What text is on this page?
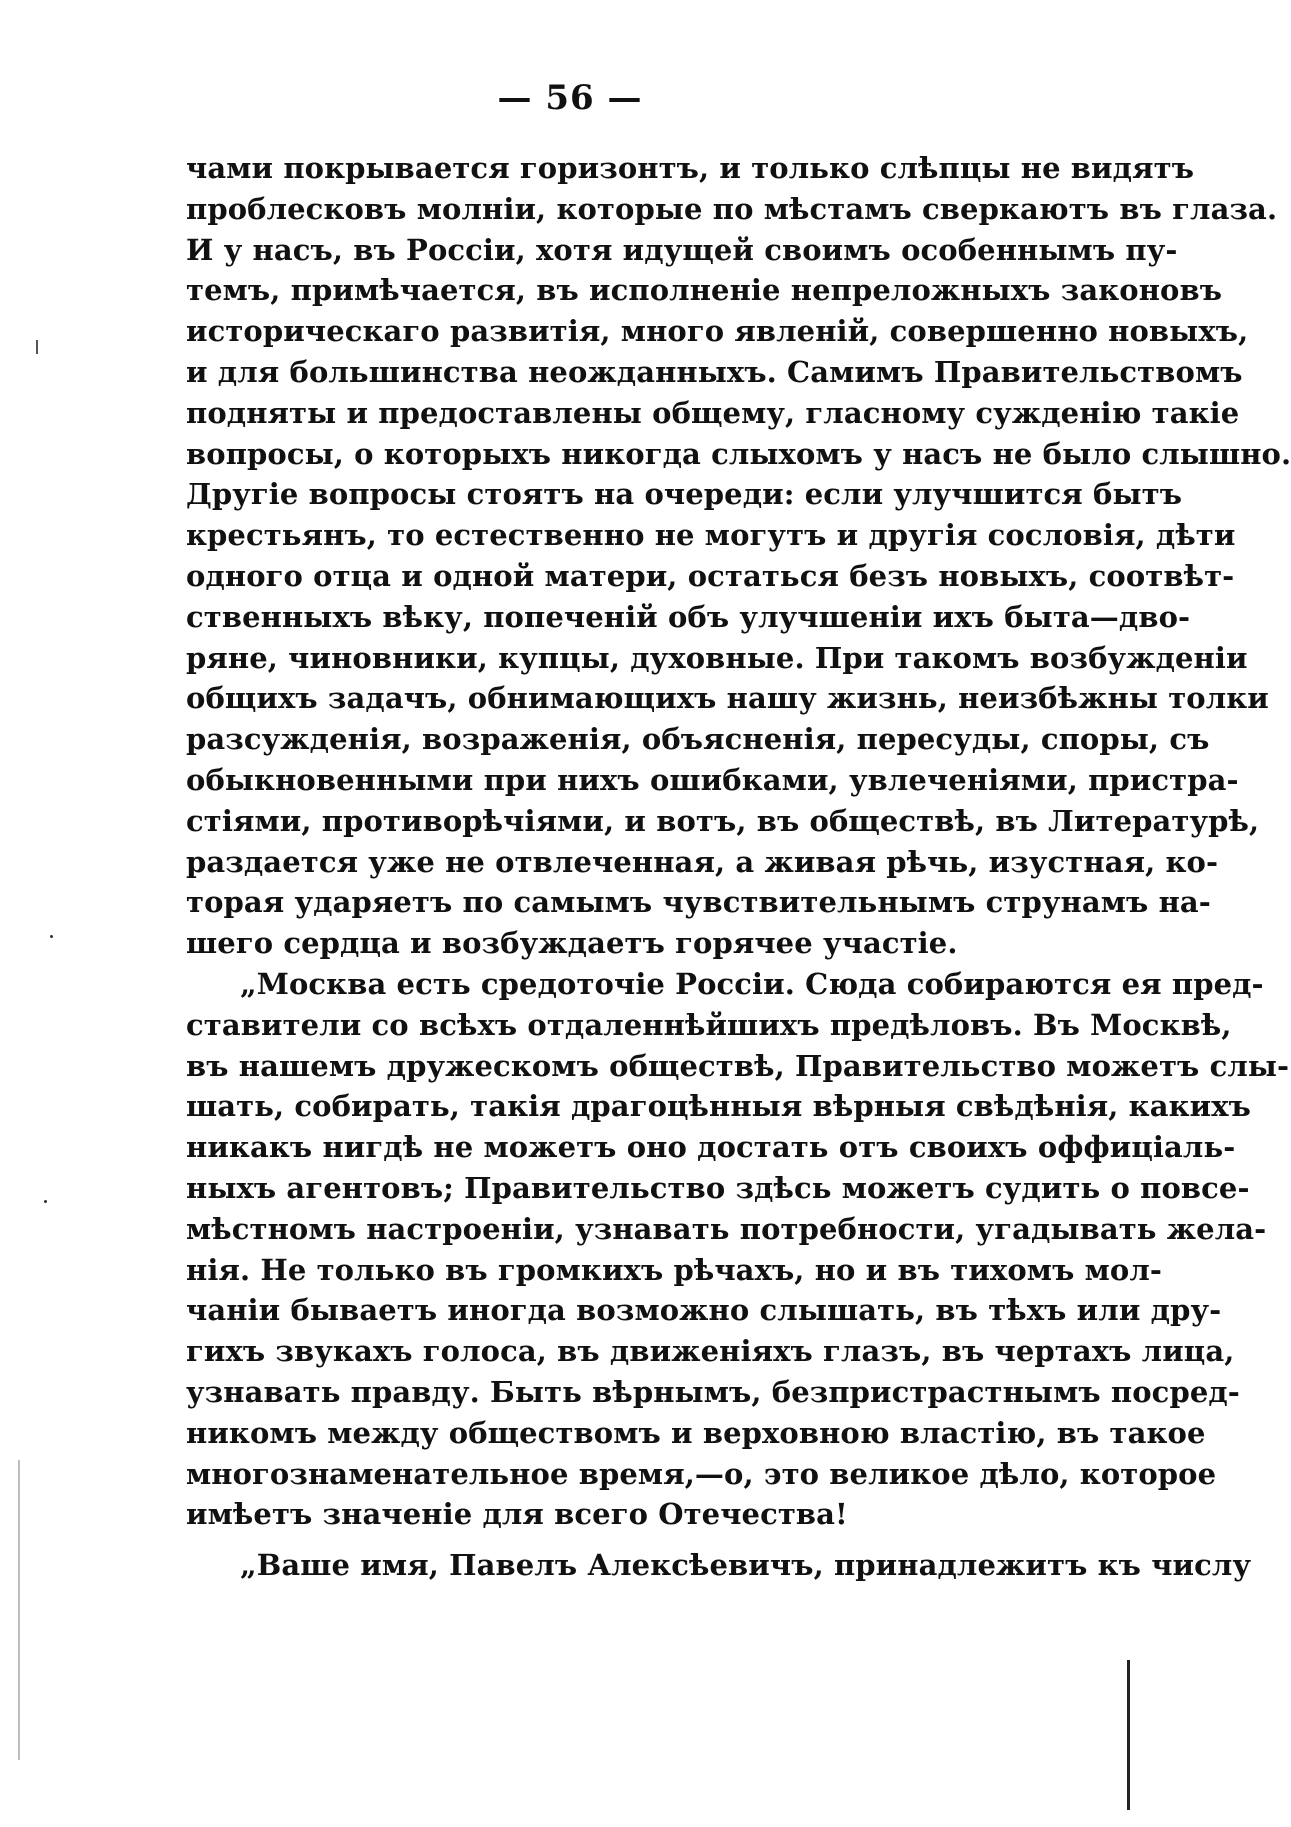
— 56 —
чами покрывается горизонтъ, и только слѣпцы не видятъ
проблесковъ молніи, которые по мѣстамъ сверкаютъ въ глаза.
И у насъ, въ Россіи, хотя идущей своимъ особеннымъ пу-
темъ, примѣчается, въ исполненіе непреложныхъ законовъ
историческаго развитія, много явленій, совершенно новыхъ,
и для большинства неожданныхъ. Самимъ Правительствомъ
подняты и предоставлены общему, гласному сужденію такіе
вопросы, о которыхъ никогда слыхомъ у насъ не было слышно.
Другіе вопросы стоятъ на очереди: если улучшится бытъ
крестьянъ, то естественно не могутъ и другія сословія, дѣти
одного отца и одной матери, остаться безъ новыхъ, соотвѣт-
ственныхъ вѣку, попеченій объ улучшеніи ихъ быта—дво-
ряне, чиновники, купцы, духовные. При такомъ возбужденіи
общихъ задачъ, обнимающихъ нашу жизнь, неизбѣжны толки
разсужденія, возраженія, объясненія, пересуды, споры, съ
обыкновенными при нихъ ошибками, увлеченіями, пристра-
стіями, противорѣчіями, и вотъ, въ обществѣ, въ Литературѣ,
раздается уже не отвлеченная, а живая рѣчь, изустная, ко-
торая ударяетъ по самымъ чувствительнымъ струнамъ на-
шего сердца и возбуждаетъ горячее участіе.
„Москва есть средоточіе Россіи. Сюда собираются ея пред-
ставители со всѣхъ отдаленнѣйшихъ предѣловъ. Въ Москвѣ,
въ нашемъ дружескомъ обществѣ, Правительство можетъ слы-
шать, собирать, такія драгоцѣнныя вѣрныя свѣдѣнія, какихъ
никакъ нигдѣ не можетъ оно достать отъ своихъ оффиціаль-
ныхъ агентовъ; Правительство здѣсь можетъ судить о повсе-
мѣстномъ настроеніи, узнавать потребности, угадывать жела-
нія. Не только въ громкихъ рѣчахъ, но и въ тихомъ мол-
чаніи бываетъ иногда возможно слышать, въ тѣхъ или дру-
гихъ звукахъ голоса, въ движеніяхъ глазъ, въ чертахъ лица,
узнавать правду. Быть вѣрнымъ, безпристрастнымъ посред-
никомъ между обществомъ и верховною властію, въ такое
многознаменательное время,—о, это великое дѣло, которое
имѣетъ значеніе для всего Отечества!
„Ваше имя, Павелъ Алексѣевичъ, принадлежитъ къ числу
